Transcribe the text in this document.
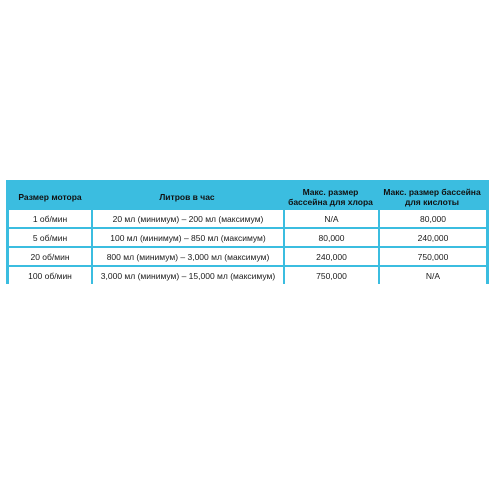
Размер мотора	Литров в час	Макс. размер бассейна для хлора	Макс. размер бассейна для кислоты
1 об/мин	20 мл (минимум) – 200 мл (максимум)	N/A	80,000
5 об/мин	100 мл (минимум) – 850 мл (максимум)	80,000	240,000
20 об/мин	800 мл (минимум) – 3,000 мл (максимум)	240,000	750,000
100 об/мин	3,000 мл (минимум) – 15,000 мл (максимум)	750,000	N/A
